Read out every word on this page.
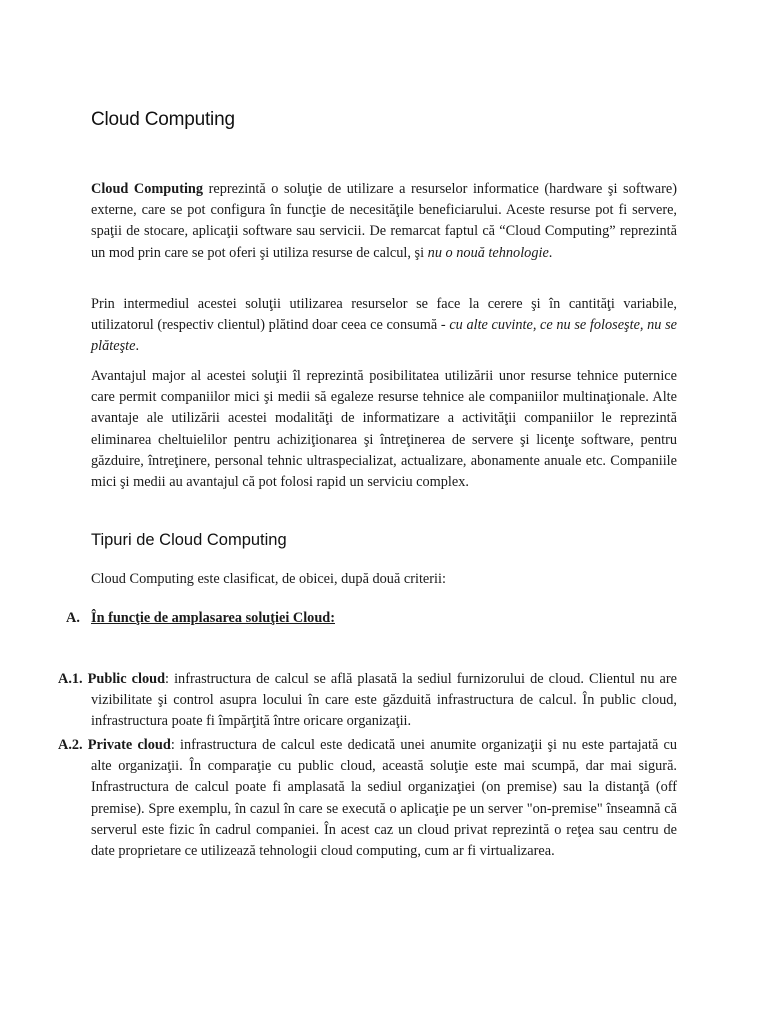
Cloud Computing
Cloud Computing reprezintă o soluţie de utilizare a resurselor informatice (hardware şi software) externe, care se pot configura în funcţie de necesităţile beneficiarului. Aceste resurse pot fi servere, spaţii de stocare, aplicaţii software sau servicii. De remarcat faptul că “Cloud Computing” reprezintă un mod prin care se pot oferi şi utiliza resurse de calcul, şi nu o nouă tehnologie.
Prin intermediul acestei soluţii utilizarea resurselor se face la cerere şi în cantităţi variabile, utilizatorul (respectiv clientul) plătind doar ceea ce consumă - cu alte cuvinte, ce nu se foloseşte, nu se plăteşte.
Avantajul major al acestei soluţii îl reprezintă posibilitatea utilizării unor resurse tehnice puternice care permit companiilor mici şi medii să egaleze resurse tehnice ale companiilor multinaţionale. Alte avantaje ale utilizării acestei modalităţi de informatizare a activităţii companiilor le reprezintă eliminarea cheltuielilor pentru achiziţionarea şi întreţinerea de servere şi licenţe software, pentru găzduire, întreţinere, personal tehnic ultraspecializat, actualizare, abonamente anuale etc. Companiile mici şi medii au avantajul că pot folosi rapid un serviciu complex.
Tipuri de Cloud Computing
Cloud Computing este clasificat, de obicei, după două criterii:
A. În funcţie de amplasarea soluţiei Cloud:
A.1. Public cloud: infrastructura de calcul se află plasată la sediul furnizorului de cloud. Clientul nu are vizibilitate şi control asupra locului în care este găzduită infrastructura de calcul. În public cloud, infrastructura poate fi împărţită între oricare organizaţii.
A.2. Private cloud: infrastructura de calcul este dedicată unei anumite organizaţii şi nu este partajată cu alte organizaţii. În comparaţie cu public cloud, această soluţie este mai scumpă, dar mai sigură. Infrastructura de calcul poate fi amplasată la sediul organizaţiei (on premise) sau la distanţă (off premise). Spre exemplu, în cazul în care se execută o aplicaţie pe un server "on-premise" înseamnă că serverul este fizic în cadrul companiei. În acest caz un cloud privat reprezintă o reţea sau centru de date proprietare ce utilizează tehnologii cloud computing, cum ar fi virtualizarea.
